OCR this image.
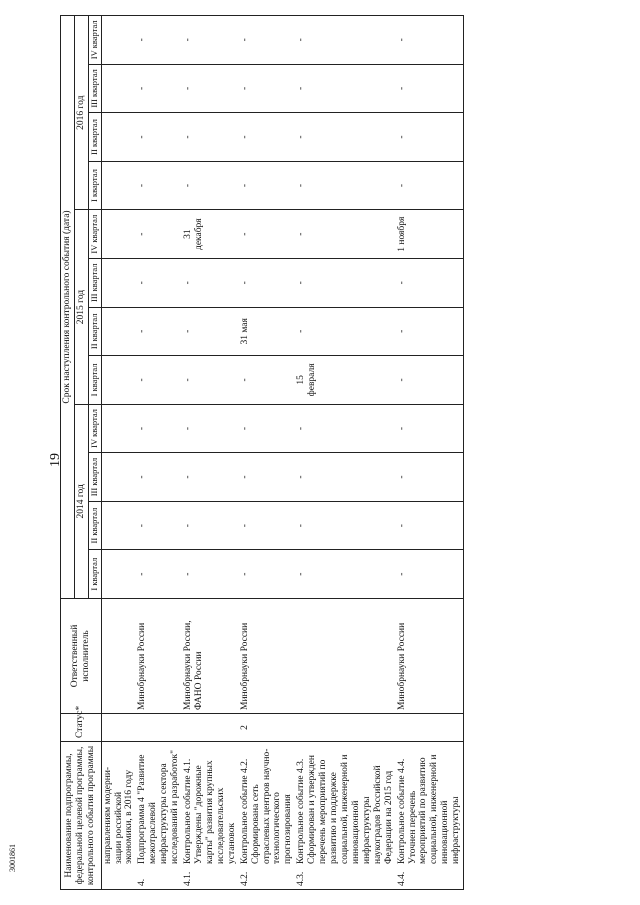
19
3001861	Наименование подпрограммы, федеральной целевой программы, контрольного события программы	Статус*	Ответственный исполнитель	Срок наступления контрольного события (дата)											
			2014 год				2015 год				2016 год			
			I квартал	II квартал	III квартал	IV квартал	I квартал	II квартал	III квартал	IV квартал	I квартал	II квартал	III квартал	IV квартал
направлениям модерни-зации российской экономики, в 2016 году														
4.Подпрограмма 4 "Развитие межотраслевой инфраструктуры сектора исследований и разработок"		Минобрнауки России	-	-	-	-	-	-	-	-	-	-	-	-
4.1.Контрольное событие 4.1. Утверждены "дорожные карты" развития крупных исследовательских установок		Минобрнауки России, ФАНО России	-	-	-	-	-	-	-	31 декабря	-	-	-	-
4.2.Контрольное событие 4.2. Сформирована сеть отраслевых центров научно-технологического прогнозирования	2	Минобрнауки России	-	-	-	-	-	31 мая	-	-	-	-	-	-
4.3.Контрольное событие 4.3. Сформирован и утвержден перечень мероприятий по развитию и поддержке социальной, инженерной и инновационной инфраструктуры наукоградов Российской Федерации на 2015 год			-	-	-	-	15 февраля	-	-	-	-	-	-	-
4.4.Контрольное событие 4.4. Уточнен перечень мероприятий по развитию социальной, инженерной и инновационной инфраструктуры		Минобрнауки России	-	-	-	-	-	-	-	1 ноября	-	-	-	-
